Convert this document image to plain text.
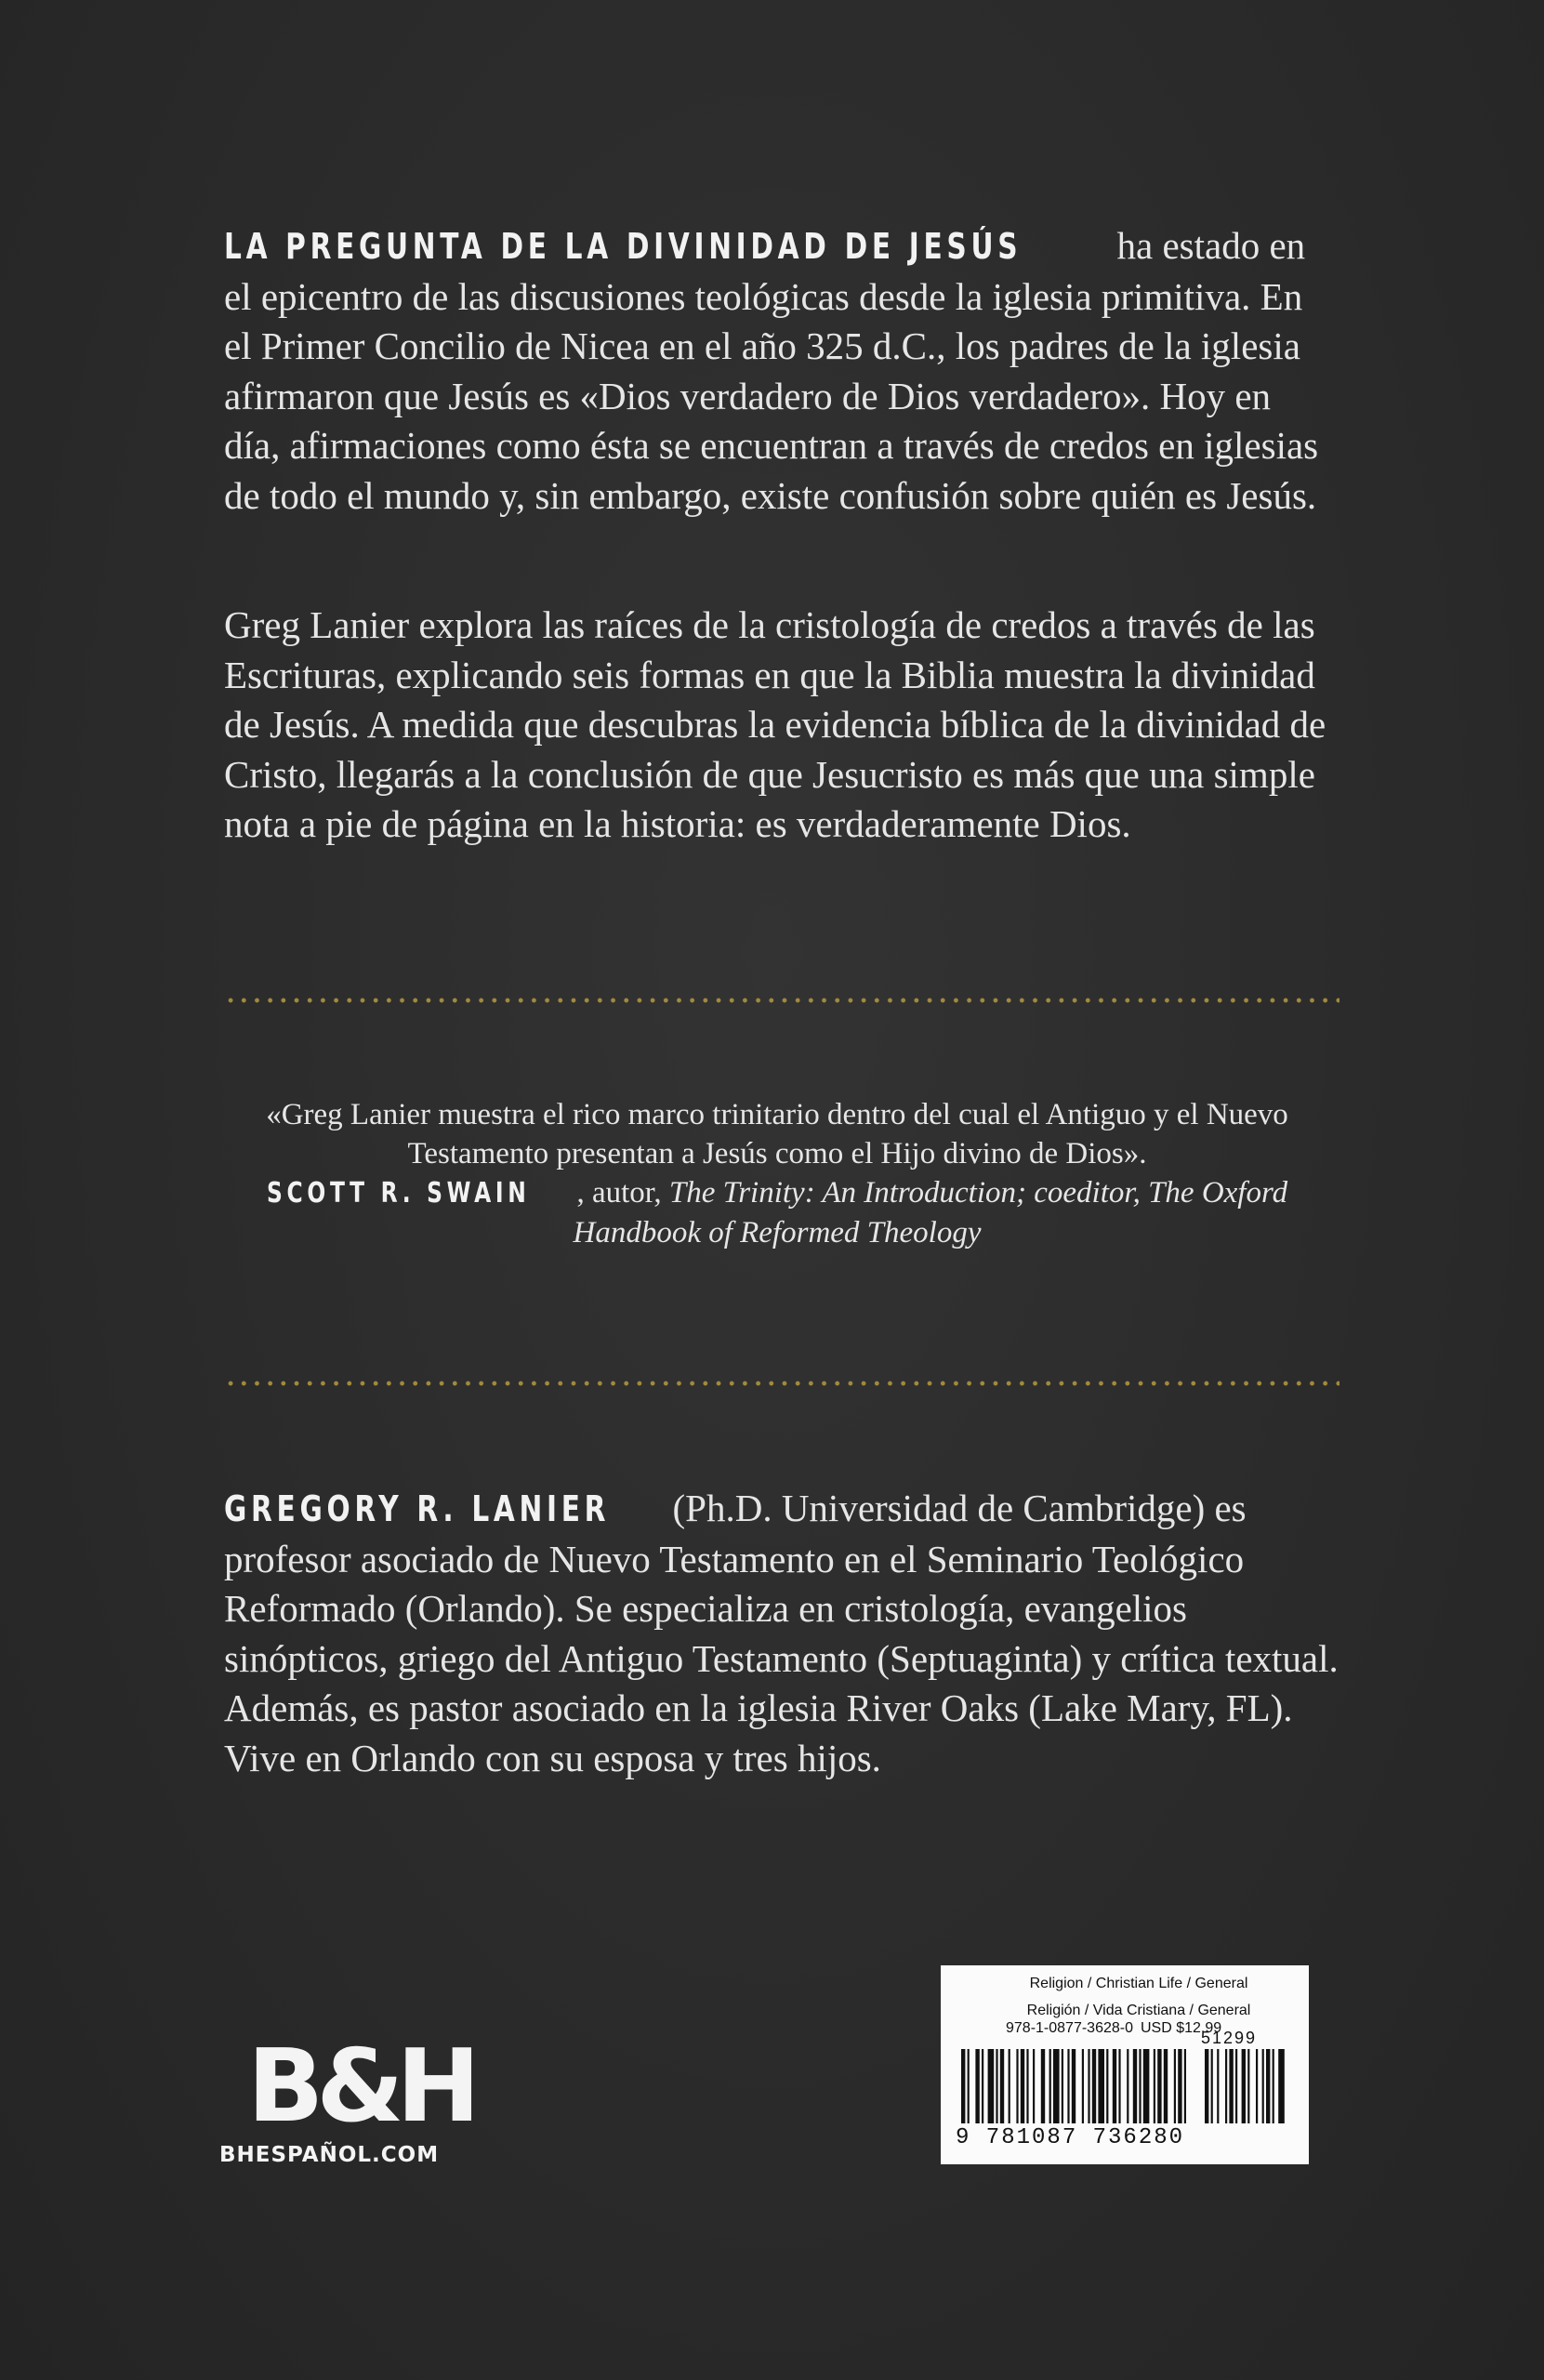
LA PREGUNTA DE LA DIVINIDAD DE JESÚS ha estado en el epicentro de las discusiones teológicas desde la iglesia primitiva. En el Primer Concilio de Nicea en el año 325 d.C., los padres de la iglesia afirmaron que Jesús es «Dios verdadero de Dios verdadero». Hoy en día, afirmaciones como ésta se encuentran a través de credos en iglesias de todo el mundo y, sin embargo, existe confusión sobre quién es Jesús.
Greg Lanier explora las raíces de la cristología de credos a través de las Escrituras, explicando seis formas en que la Biblia muestra la divinidad de Jesús. A medida que descubras la evidencia bíblica de la divinidad de Cristo, llegarás a la conclusión de que Jesucristo es más que una simple nota a pie de página en la historia: es verdaderamente Dios.
«Greg Lanier muestra el rico marco trinitario dentro del cual el Antiguo y el Nuevo Testamento presentan a Jesús como el Hijo divino de Dios».
SCOTT R. SWAIN , autor, The Trinity: An Introduction; coeditor, The Oxford Handbook of Reformed Theology
GREGORY R. LANIER (Ph.D. Universidad de Cambridge) es profesor asociado de Nuevo Testamento en el Seminario Teológico Reformado (Orlando). Se especializa en cristología, evangelios sinópticos, griego del Antiguo Testamento (Septuaginta) y crítica textual. Además, es pastor asociado en la iglesia River Oaks (Lake Mary, FL). Vive en Orlando con su esposa y tres hijos.
B&H
BHESPAÑOL.COM
Religion / Christian Life / General
Religión / Vida Cristiana / General
978-1-0877-3628-0 USD $12.99
51299
9 781087 736280
